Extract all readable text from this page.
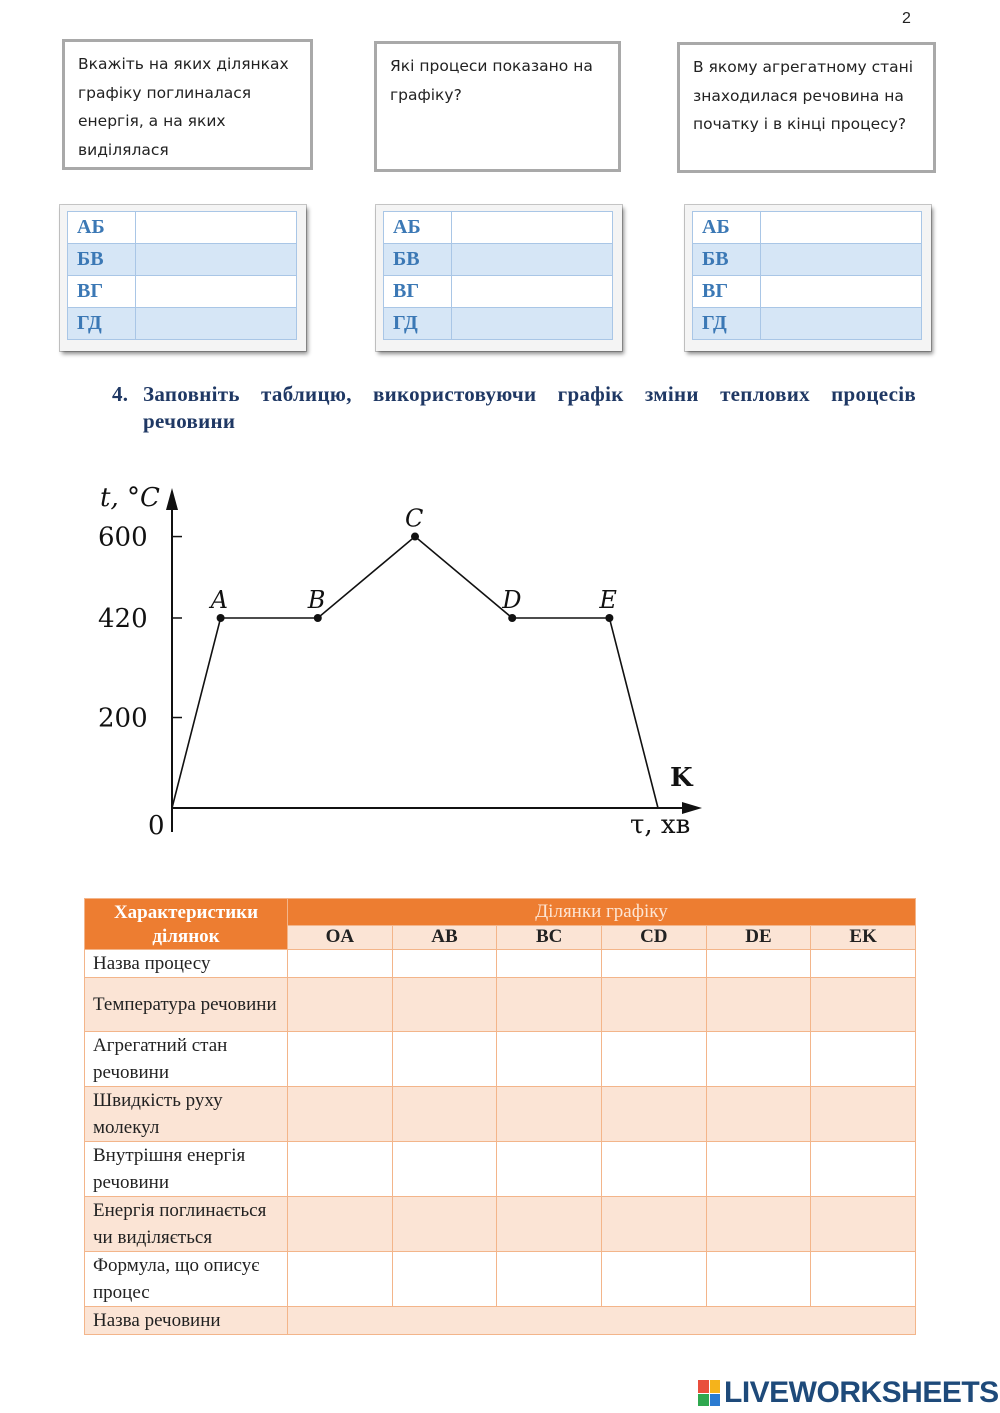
2
Вкажіть на яких ділянках графіку поглиналася енергія, а на яких виділялася
Які процеси показано на графіку?
В якому агрегатному стані знаходилася речовина на початку і в кінці процесу?
АБ	
БВ	
ВГ	
ГД	
АБ	
БВ	
ВГ	
ГД	
АБ	
БВ	
ВГ	
ГД	
4. Заповніть таблицю, використовуючи графік зміни теплових процесів речовини
200
420
600
t, °C
τ, хв
0
A	B
C
D	E
K
Характеристики ділянок	Ділянки графіку					
	OA	AB	BC	CD	DE	EK
Назва процесу						
Температура речовини						
Агрегатний стан речовини						
Швидкість руху молекул						
Внутрішня енергія речовини						
Енергія поглинається чи виділяється						
Формула, що описує процес						
Назва речовини						
LIVEWORKSHEETS
